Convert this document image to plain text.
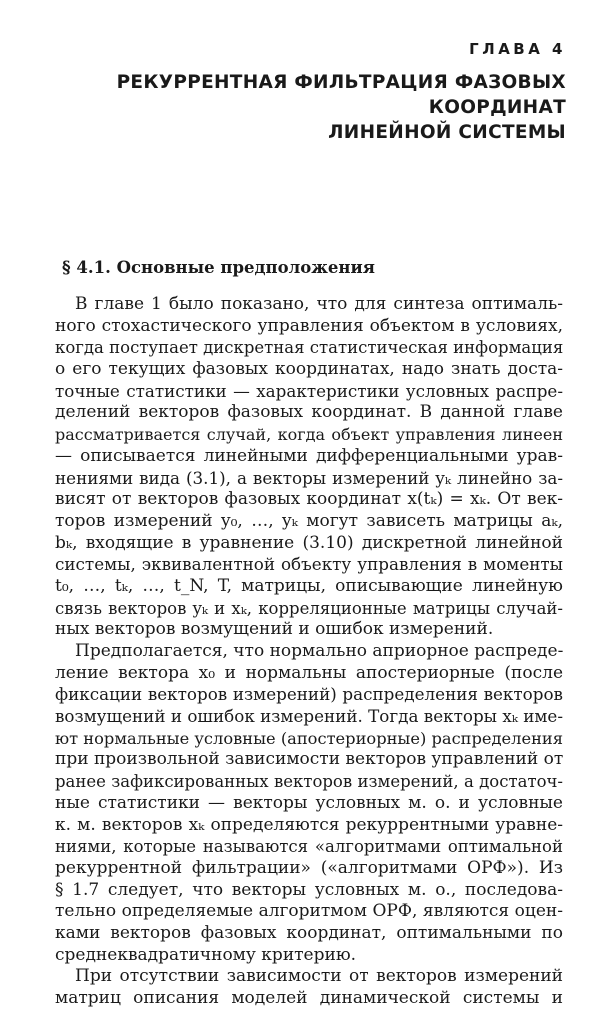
ГЛАВА 4
РЕКУРРЕНТНАЯ ФИЛЬТРАЦИЯ ФАЗОВЫХ КООРДИНАТ
ЛИНЕЙНОЙ СИСТЕМЫ
§ 4.1. Основные предположения

В главе 1 было показано, что для синтеза оптималь-
ного стохастического управления объектом в условиях,
когда поступает дискретная статистическая информация
о его текущих фазовых координатах, надо знать доста-
точные статистики — характеристики условных распре-
делений векторов фазовых координат. В данной главе
рассматривается случай, когда объект управления линеен
— описывается линейными дифференциальными урав-
нениями вида (3.1), а векторы измерений yₖ линейно за-
висят от векторов фазовых координат x(tₖ) = xₖ. От век-
торов измерений y₀, …, yₖ могут зависеть матрицы aₖ,
bₖ, входящие в уравнение (3.10) дискретной линейной
системы, эквивалентной объекту управления в моменты
t₀, …, tₖ, …, t_N, T, матрицы, описывающие линейную
связь векторов yₖ и xₖ, корреляционные матрицы случай-
ных векторов возмущений и ошибок измерений.

Предполагается, что нормально априорное распреде-
ление вектора x₀ и нормальны апостериорные (после
фиксации векторов измерений) распределения векторов
возмущений и ошибок измерений. Тогда векторы xₖ име-
ют нормальные условные (апостериорные) распределения
при произвольной зависимости векторов управлений от
ранее зафиксированных векторов измерений, а достаточ-
ные статистики — векторы условных м. о. и условные
к. м. векторов xₖ определяются рекуррентными уравне-
ниями, которые называются «алгоритмами оптимальной
рекуррентной фильтрации» («алгоритмами ОРФ»). Из
§ 1.7 следует, что векторы условных м. о., последова-
тельно определяемые алгоритмом ОРФ, являются оцен-
ками векторов фазовых координат, оптимальными по
среднеквадратичному критерию.

При отсутствии зависимости от векторов измерений
матриц описания моделей динамической системы и
